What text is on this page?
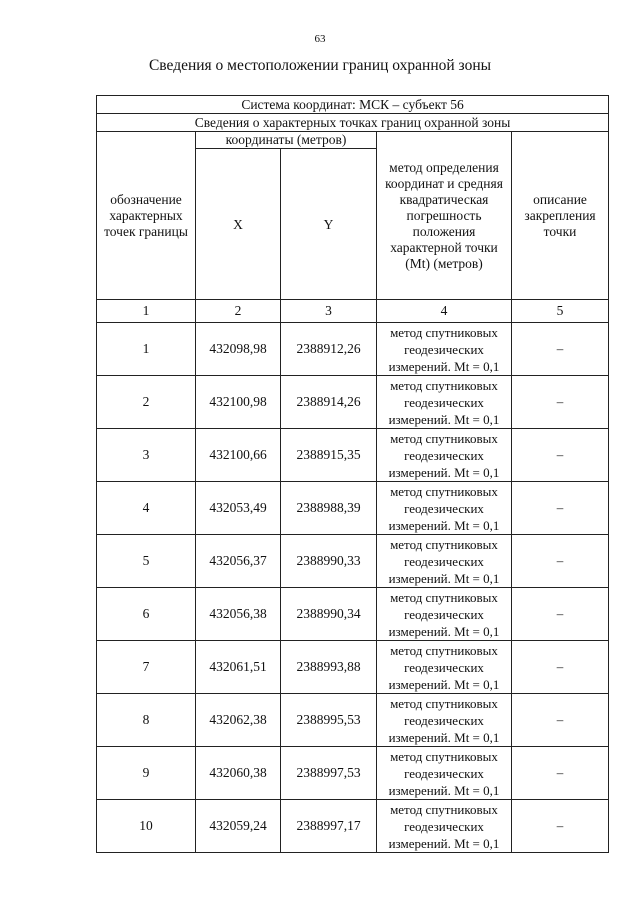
63
Сведения о местоположении границ охранной зоны
Система координат: МСК – субъект 56				
Сведения о характерных точках границ охранной зоны				
обозначение характерных точек границы	координаты (метров)		метод определения координат и средняя квадратическая погрешность положения характерной точки (Mt) (метров)	описание закрепления точки
	X	Y		
1	2	3	4	5
1	432098,98	2388912,26	метод спутниковых геодезических измерений. Mt = 0,1	–
2	432100,98	2388914,26	метод спутниковых геодезических измерений. Mt = 0,1	–
3	432100,66	2388915,35	метод спутниковых геодезических измерений. Mt = 0,1	–
4	432053,49	2388988,39	метод спутниковых геодезических измерений. Mt = 0,1	–
5	432056,37	2388990,33	метод спутниковых геодезических измерений. Mt = 0,1	–
6	432056,38	2388990,34	метод спутниковых геодезических измерений. Mt = 0,1	–
7	432061,51	2388993,88	метод спутниковых геодезических измерений. Mt = 0,1	–
8	432062,38	2388995,53	метод спутниковых геодезических измерений. Mt = 0,1	–
9	432060,38	2388997,53	метод спутниковых геодезических измерений. Mt = 0,1	–
10	432059,24	2388997,17	метод спутниковых геодезических измерений. Mt = 0,1	–
